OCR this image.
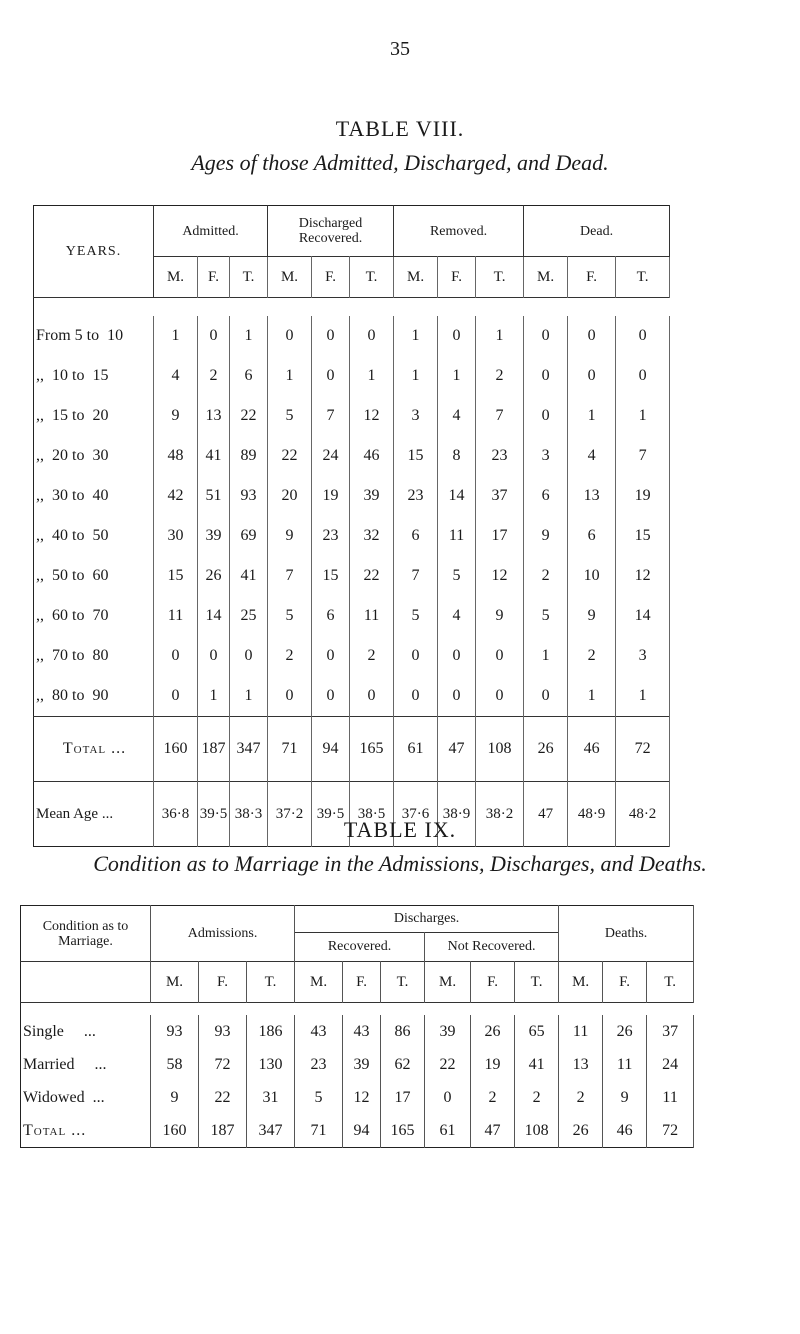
35
TABLE VIII.
Ages of those Admitted, Discharged, and Dead.
YEARS.	Admitted.			Discharged Recovered.			Removed.			Dead.		
	M.	F.	T.	M.	F.	T.	M.	F.	T.	M.	F.	T.

From 5 to  10	1	0	1	0	0	0	1	0	1	0	0	0
,,  10 to  15	4	2	6	1	0	1	1	1	2	0	0	0
,,  15 to  20	9	13	22	5	7	12	3	4	7	0	1	1
,,  20 to  30	48	41	89	22	24	46	15	8	23	3	4	7
,,  30 to  40	42	51	93	20	19	39	23	14	37	6	13	19
,,  40 to  50	30	39	69	9	23	32	6	11	17	9	6	15
,,  50 to  60	15	26	41	7	15	22	7	5	12	2	10	12
,,  60 to  70	11	14	25	5	6	11	5	4	9	5	9	14
,,  70 to  80	0	0	0	2	0	2	0	0	0	1	2	3
,,  80 to  90	0	1	1	0	0	0	0	0	0	0	1	1
Total ...	160	187	347	71	94	165	61	47	108	26	46	72
Mean Age ...	36·8	39·5	38·3	37·2	39·5	38·5	37·6	38·9	38·2	47	48·9	48·2
TABLE IX.
Condition as to Marriage in the Admissions, Discharges, and Deaths.
Condition as to Marriage.	Admissions.			Discharges.						Deaths.		
				Recovered.			Not Recovered.					
	M.	F.	T.	M.	F.	T.	M.	F.	T.	M.	F.	T.

Single     ...	93	93	186	43	43	86	39	26	65	11	26	37
Married     ...	58	72	130	23	39	62	22	19	41	13	11	24
Widowed  ...	9	22	31	5	12	17	0	2	2	2	9	11
Total ...	160	187	347	71	94	165	61	47	108	26	46	72
